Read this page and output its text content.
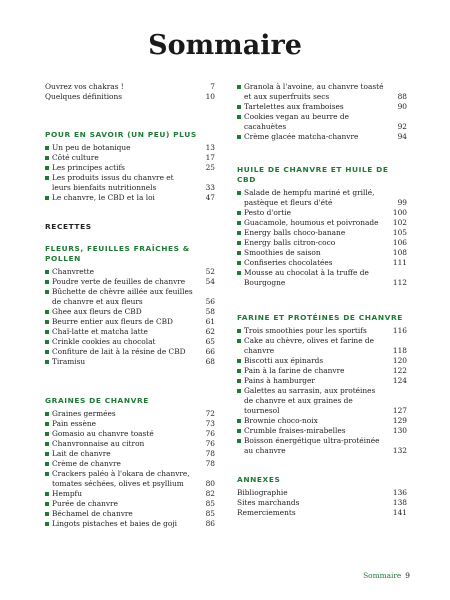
Sommaire
Ouvrez vos chakras !	7
Quelques définitions	10
POUR EN SAVOIR (UN PEU) PLUS
Un peu de botanique	13
Côté culture	17
Les principes actifs	25
Les produits issus du chanvre et leurs bienfaits nutritionnels	33
Le chanvre, le CBD et la loi	47
RECETTES
FLEURS, FEUILLES FRAÎCHES & POLLEN
Chanvrette	52
Poudre verte de feuilles de chanvre	54
Bûchette de chèvre aillée aux feuilles de chanvre et aux fleurs	56
Ghee aux fleurs de CBD	58
Beurre entier aux fleurs de CBD	61
Chaï-latte et matcha latte	62
Crinkle cookies au chocolat	65
Confiture de lait à la résine de CBD	66
Tiramisu	68
GRAINES DE CHANVRE
Graines germées	72
Pain essène	73
Gomasio au chanvre toasté	76
Chanvronnaise au citron	76
Lait de chanvre	78
Crème de chanvre	78
Crackers paléo à l'okara de chanvre, tomates séchées, olives et psyllium	80
Hempfu	82
Purée de chanvre	85
Béchamel de chanvre	85
Lingots pistaches et baies de goji	86
Granola à l'avoine, au chanvre toasté et aux superfruits secs	88
Tartelettes aux framboises	90
Cookies vegan au beurre de cacahuètes	92
Crème glacée matcha-chanvre	94
HUILE DE CHANVRE ET HUILE DE CBD
Salade de hempfu mariné et grillé, pastèque et fleurs d'été	99
Pesto d'ortie	100
Guacamole, houmous et poivronade	102
Energy balls choco-banane	105
Energy balls citron-coco	106
Smoothies de saison	108
Confiseries chocolatées	111
Mousse au chocolat à la truffe de Bourgogne	112
FARINE ET PROTÉINES DE CHANVRE
Trois smoothies pour les sportifs	116
Cake au chèvre, olives et farine de chanvre	118
Biscotti aux épinards	120
Pain à la farine de chanvre	122
Pains à hamburger	124
Galettes au sarrasin, aux protéines de chanvre et aux graines de tournesol	127
Brownie choco-noix	129
Crumble fraises-mirabelles	130
Boisson énergétique ultra-protéinée au chanvre	132
ANNEXES
Bibliographie	136
Sites marchands	138
Remerciements	141
Sommaire 9
